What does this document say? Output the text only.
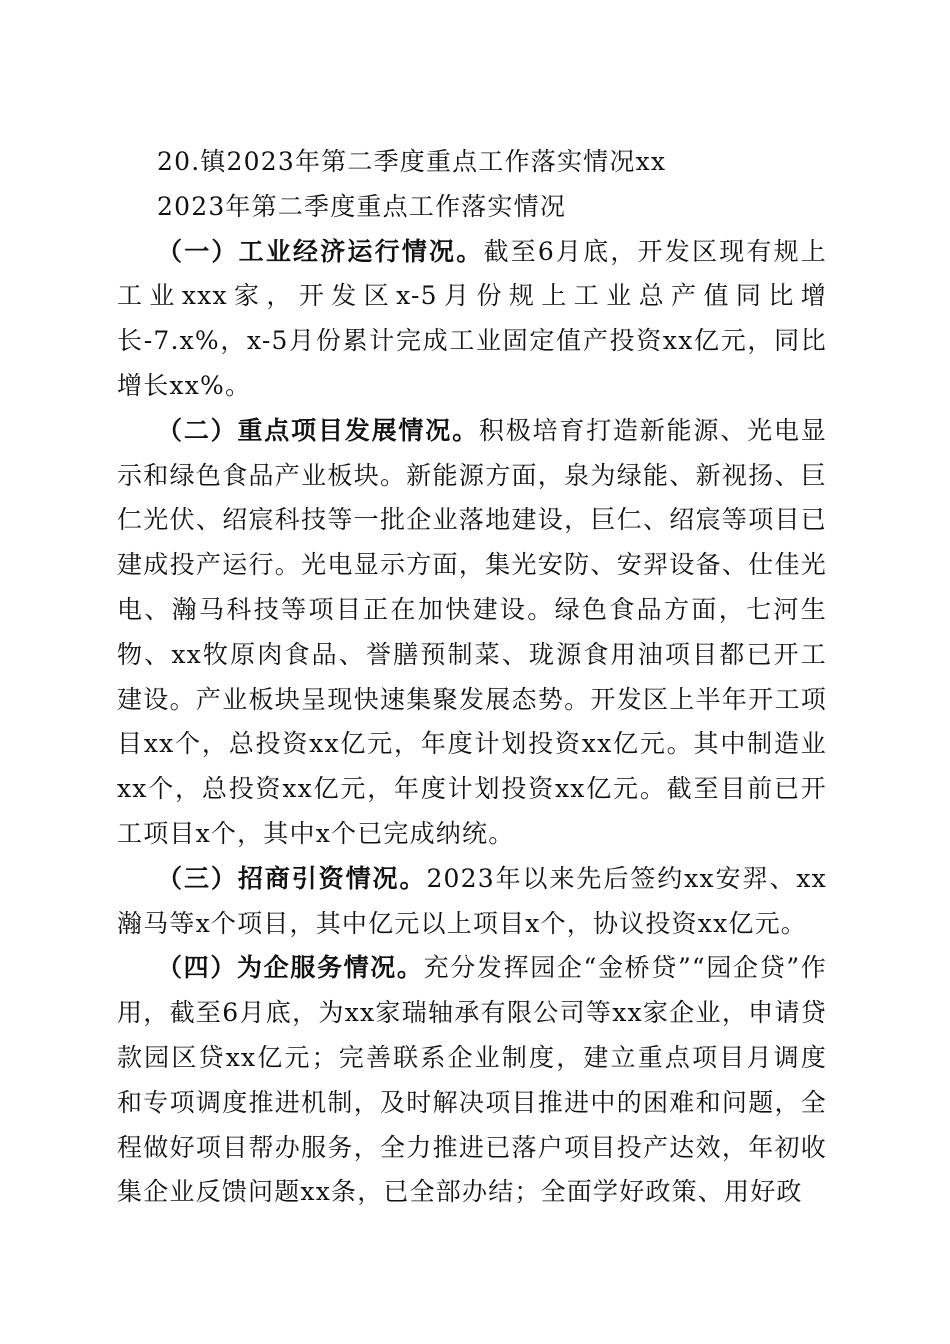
20.镇2023年第二季度重点工作落实情况xx

2023年第二季度重点工作落实情况

（一）工业经济运行情况。截至6月底，开发区现有规上工业xxx家，开发区x-5月份规上工业总产值同比增长-7.x%，x-5月份累计完成工业固定值产投资xx亿元，同比增长xx%。

（二）重点项目发展情况。积极培育打造新能源、光电显示和绿色食品产业板块。新能源方面，泉为绿能、新视扬、巨仁光伏、绍宸科技等一批企业落地建设，巨仁、绍宸等项目已建成投产运行。光电显示方面，集光安防、安羿设备、仕佳光电、瀚马科技等项目正在加快建设。绿色食品方面，七河生物、xx牧原肉食品、誉膳预制菜、珑源食用油项目都已开工建设。产业板块呈现快速集聚发展态势。开发区上半年开工项目xx个，总投资xx亿元，年度计划投资xx亿元。其中制造业xx个，总投资xx亿元，年度计划投资xx亿元。截至目前已开工项目x个，其中x个已完成纳统。

（三）招商引资情况。2023年以来先后签约xx安羿、xx瀚马等x个项目，其中亿元以上项目x个，协议投资xx亿元。

（四）为企服务情况。充分发挥园企“金桥贷”“园企贷”作用，截至6月底，为xx家瑞轴承有限公司等xx家企业，申请贷款园区贷xx亿元；完善联系企业制度，建立重点项目月调度和专项调度推进机制，及时解决项目推进中的困难和问题，全程做好项目帮办服务，全力推进已落户项目投产达效，年初收集企业反馈问题xx条，已全部办结；全面学好政策、用好政
